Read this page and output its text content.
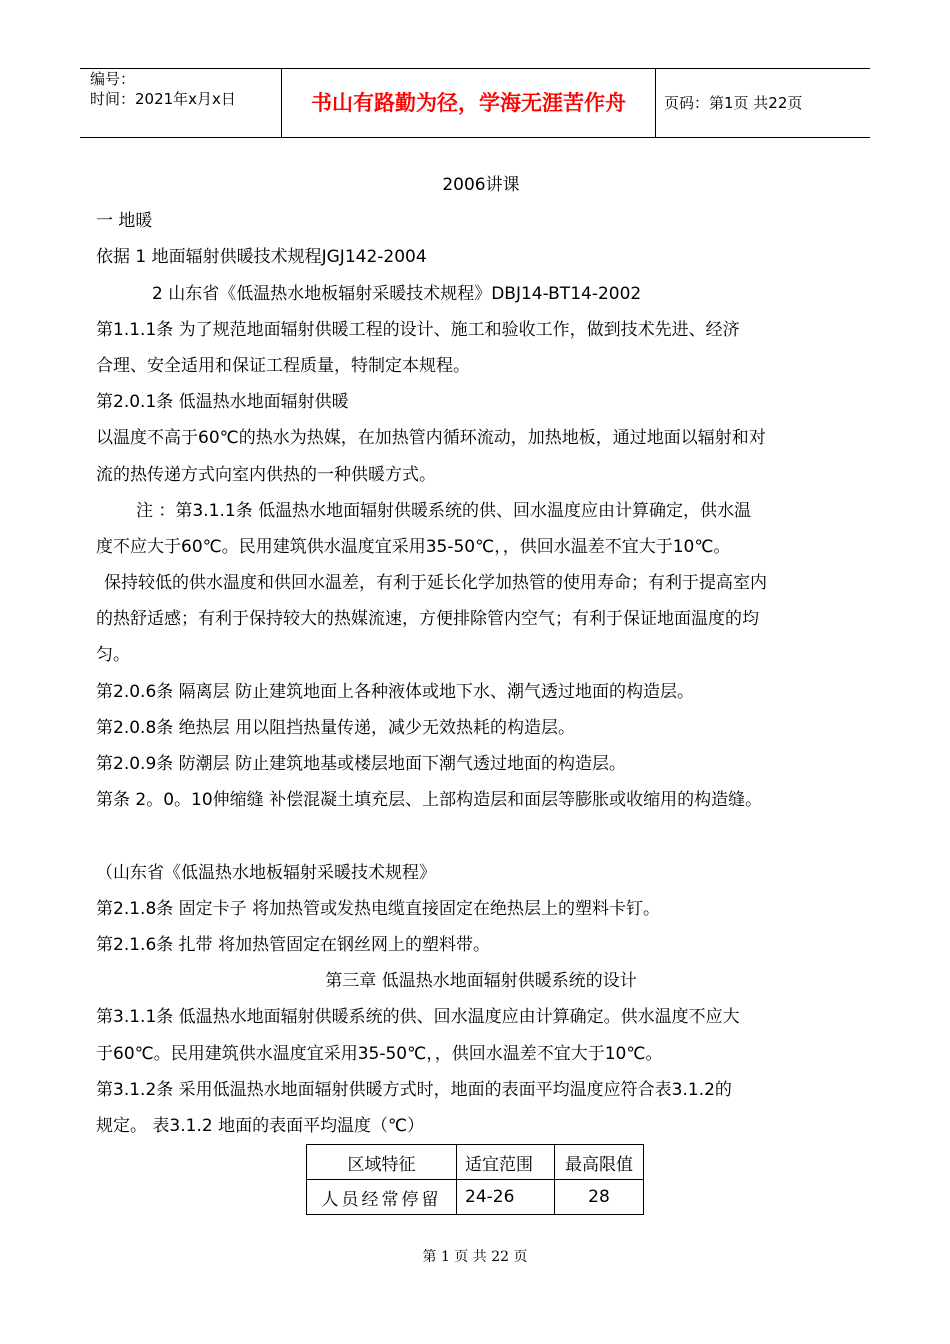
编号：
时间：2021年x月x日	书山有路勤为径，学海无涯苦作舟	页码：第1页 共22页
2006讲课
一 地暖
依据 1 地面辐射供暖技术规程JGJ142-2004
2 山东省《低温热水地板辐射采暖技术规程》DBJ14-BT14-2002
第1.1.1条 为了规范地面辐射供暖工程的设计、施工和验收工作，做到技术先进、经济
合理、安全适用和保证工程质量，特制定本规程。
第2.0.1条 低温热水地面辐射供暖
以温度不高于60℃的热水为热媒，在加热管内循环流动，加热地板，通过地面以辐射和对
流的热传递方式向室内供热的一种供暖方式。
注 ：第3.1.1条 低温热水地面辐射供暖系统的供、回水温度应由计算确定，供水温
度不应大于60℃。民用建筑供水温度宜采用35-50℃，，供回水温差不宜大于10℃。
保持较低的供水温度和供回水温差，有利于延长化学加热管的使用寿命；有利于提高室内
的热舒适感；有利于保持较大的热媒流速，方便排除管内空气；有利于保证地面温度的均
匀。
第2.0.6条 隔离层 防止建筑地面上各种液体或地下水、潮气透过地面的构造层。
第2.0.8条 绝热层 用以阻挡热量传递，减少无效热耗的构造层。
第2.0.9条 防潮层 防止建筑地基或楼层地面下潮气透过地面的构造层。
第条 2。0。10伸缩缝 补偿混凝土填充层、上部构造层和面层等膨胀或收缩用的构造缝。
（山东省《低温热水地板辐射采暖技术规程》
第2.1.8条 固定卡子 将加热管或发热电缆直接固定在绝热层上的塑料卡钉。
第2.1.6条 扎带 将加热管固定在钢丝网上的塑料带。
第三章 低温热水地面辐射供暖系统的设计
第3.1.1条 低温热水地面辐射供暖系统的供、回水温度应由计算确定。供水温度不应大
于60℃。民用建筑供水温度宜采用35-50℃，，供回水温差不宜大于10℃。
第3.1.2条 采用低温热水地面辐射供暖方式时，地面的表面平均温度应符合表3.1.2的
规定。 表3.1.2 地面的表面平均温度（℃）
区域特征	适宜范围	最高限值
人员经常停留	24-26	28
第 1 页 共 22 页
